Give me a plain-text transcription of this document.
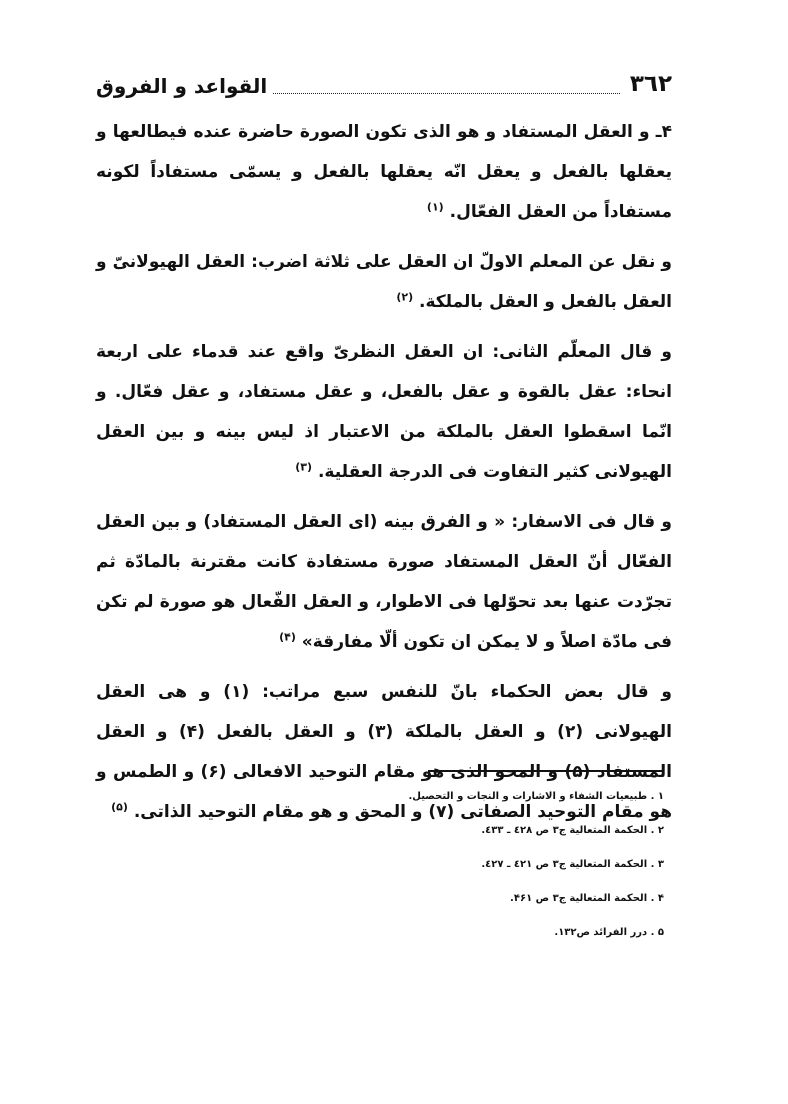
٣٦٢
القواعد و الفروق

۴ـ و العقل المستفاد و هو الذى تكون الصورة حاضرة عنده فيطالعها و يعقلها بالفعل و يعقل انّه يعقلها بالفعل و يسمّى مستفاداً لكونه مستفاداً من العقل الفعّال. $^{(١)}$

و نقل عن المعلم الاولّ ان العقل على ثلاثة اضرب: العقل الهيولانىّ و العقل بالفعل و العقل بالملكة. $^{(٢)}$

و قال المعلّم الثانى: ان العقل النظرىّ واقع عند قدماء على اربعة انحاء: عقل بالقوة و عقل بالفعل، و عقل مستفاد، و عقل فعّال. و انّما اسقطوا العقل بالملكة من الاعتبار اذ ليس بينه و بين العقل الهيولانى كثير التفاوت فى الدرجة العقلية. $^{(٣)}$

و قال فى الاسفار: « و الفرق بينه (اى العقل المستفاد) و بين العقل الفعّال أنّ العقل المستفاد صورة مستفادة كانت مقترنة بالمادّة ثم تجرّدت عنها بعد تحوّلها فى الاطوار، و العقل الفّعال هو صورة لم تكن فى مادّة اصلاً و لا يمكن ان تكون ألّا مفارقة» $^{(۴)}$

و قال بعض الحكماء بانّ للنفس سبع مراتب: (١) و هى العقل الهيولانى (٢) و العقل بالملكة (٣) و العقل بالفعل (۴) و العقل المستفاد (۵) و المحو الذى هو مقام التوحيد الافعالى (۶) و الطمس و هو مقام التوحيد الصفاتى (٧) و المحق و هو مقام التوحيد الذاتى. $^{(۵)}$

١ . طبيعيات الشفاء و الاشارات و النجات و التحصيل.

٢ . الحكمة المتعالية ج٣ ص ٤٢٨ ـ ٤٣٣.

٣ . الحكمة المتعالية ج٣ ص ٤٢١ ـ ٤٢٧.

۴ . الحكمة المتعالية ج٣ ص ۴۶١.

۵ . درر الفرائد ص١٣٢.
